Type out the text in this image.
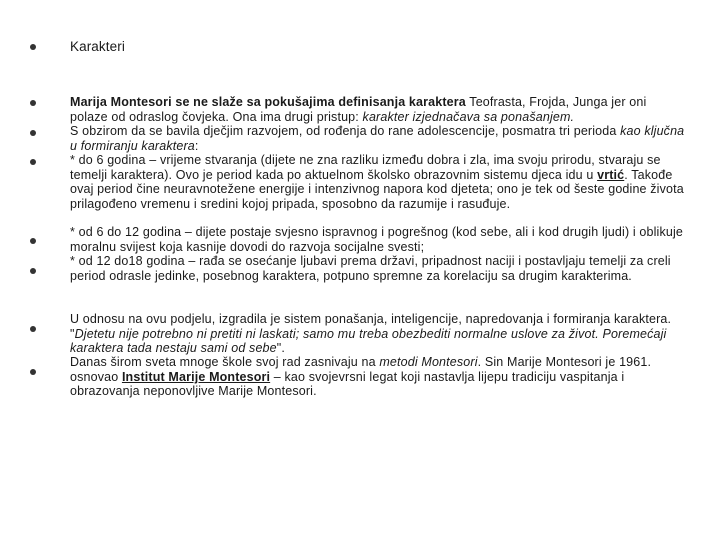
Karakteri

Marija Montesori se ne slaže sa pokušajima definisanja karaktera Teofrasta, Frojda, Junga jer oni polaze od odraslog čovjeka. Ona ima drugi pristup: karakter izjednačava sa ponašanjem.

S obzirom da se bavila dječjim razvojem, od rođenja do rane adolescencije, posmatra tri perioda kao ključna u formiranju karaktera:

* do 6 godina – vrijeme stvaranja (dijete ne zna razliku između dobra i zla, ima svoju prirodu, stvaraju se temelji karaktera). Ovo je period kada po aktuelnom školsko obrazovnim sistemu djeca idu u vrtić. Takođe ovaj period čine neuravnotežene energije i intenzivnog napora kod djeteta; ono je tek od šeste godine života prilagođeno vremenu i sredini kojoj pripada, sposobno da razumije i rasuđuje.

* od 6 do 12 godina – dijete postaje svjesno ispravnog i pogrešnog (kod sebe, ali i kod drugih ljudi) i oblikuje moralnu svijest koja kasnije dovodi do razvoja socijalne svesti;

* od 12 do18 godina – rađa se osećanje ljubavi prema državi, pripadnost naciji i postavljaju temelji za creli period odrasle jedinke, posebnog karaktera, potpuno spremne za korelaciju sa drugim karakterima.

U odnosu na ovu podjelu, izgradila je sistem ponašanja, inteligencije, napredovanja i formiranja karaktera. "Djetetu nije potrebno ni pretiti ni laskati; samo mu treba obezbediti normalne uslove za život. Poremećaji karaktera tada nestaju sami od sebe".

Danas širom sveta mnoge škole svoj rad zasnivaju na metodi Montesori. Sin Marije Montesori je 1961. osnovao Institut Marije Montesori – kao svojevrsni legat koji nastavlja lijepu tradiciju vaspitanja i obrazovanja neponovljive Marije Montesori.
